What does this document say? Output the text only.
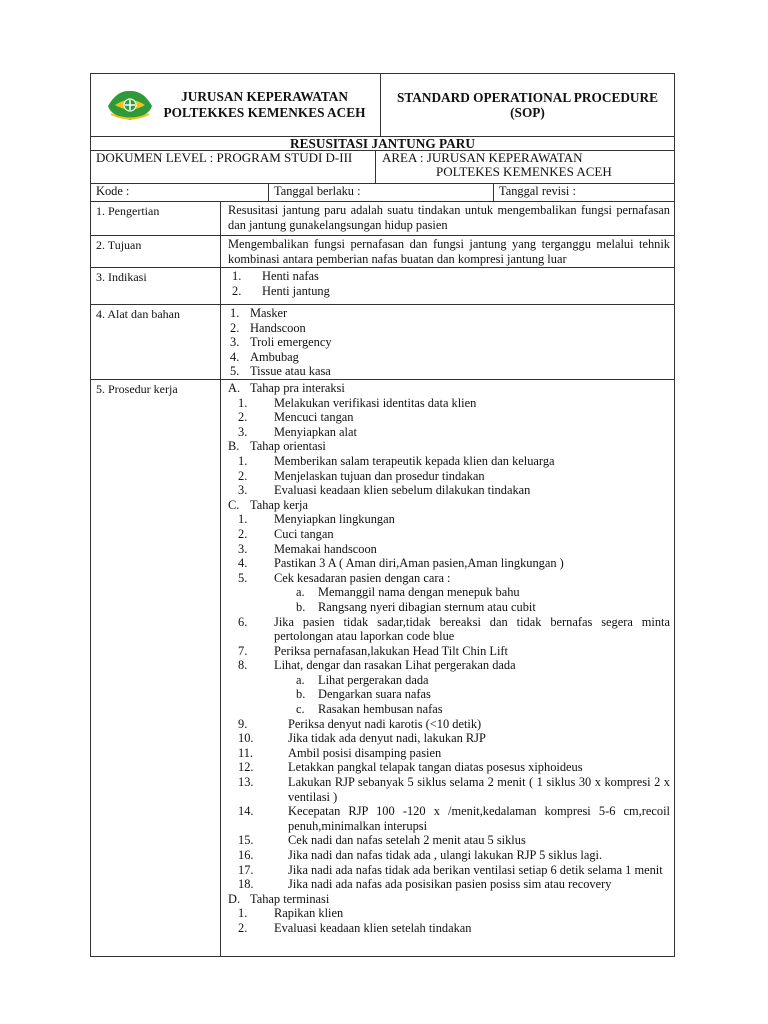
JURUSAN KEPERAWATAN
POLTEKKES KEMENKES ACEH
STANDARD OPERATIONAL PROCEDURE
(SOP)
RESUSITASI JANTUNG PARU
DOKUMEN LEVEL : PROGRAM STUDI D-III	AREA : JURUSAN KEPERAWATAN
POLTEKES KEMENKES ACEH
Kode :	Tanggal berlaku :	Tanggal revisi :
1. Pengertian	Resusitasi jantung paru adalah suatu tindakan untuk mengembalikan fungsi pernafasan dan jantung gunakelangsungan hidup pasien
2. Tujuan	Mengembalikan fungsi pernafasan dan fungsi jantung yang terganggu melalui tehnik kombinasi antara pemberian nafas buatan dan kompresi jantung luar
3. Indikasi	1.	Henti nafas
2.	Henti jantung
4. Alat dan bahan	1. Masker
2. Handscoon
3. Troli emergency
4. Ambubag
5. Tissue atau kasa
5. Prosedur kerja	A. Tahap pra interaksi
1.	Melakukan verifikasi identitas data klien
2.	Mencuci tangan
3.	Menyiapkan alat
B. Tahap orientasi
1.	Memberikan salam terapeutik kepada klien dan keluarga
2.	Menjelaskan tujuan dan prosedur tindakan
3.	Evaluasi keadaan klien sebelum dilakukan tindakan
C. Tahap kerja
1.	Menyiapkan lingkungan
2.	Cuci tangan
3.	Memakai handscoon
4.	Pastikan 3 A ( Aman diri,Aman pasien,Aman lingkungan )
5.	Cek kesadaran pasien dengan cara :
a.	Memanggil nama dengan menepuk bahu
b.	Rangsang nyeri dibagian sternum atau cubit
6.	Jika pasien tidak sadar,tidak bereaksi dan tidak bernafas segera minta pertolongan atau laporkan code blue
7.	Periksa pernafasan,lakukan Head Tilt Chin Lift
8.	Lihat, dengar dan rasakan Lihat pergerakan dada
a.	Lihat pergerakan dada
b.	Dengarkan suara nafas
c.	Rasakan hembusan nafas
9.	Periksa denyut nadi karotis (<10 detik)
10.	Jika tidak ada denyut nadi, lakukan RJP
11.	Ambil posisi disamping pasien
12.	Letakkan pangkal telapak tangan diatas posesus xiphoideus
13.	Lakukan RJP sebanyak 5 siklus selama 2 menit ( 1 siklus 30 x kompresi 2 x ventilasi )
14.	Kecepatan RJP 100 -120 x /menit,kedalaman kompresi 5-6 cm,recoil penuh,minimalkan interupsi
15.	Cek nadi dan nafas setelah 2 menit atau 5 siklus
16.	Jika nadi dan nafas tidak ada , ulangi lakukan RJP 5 siklus lagi.
17.	Jika nadi ada nafas tidak ada berikan ventilasi setiap 6 detik selama 1 menit
18.	Jika nadi ada nafas ada posisikan pasien posiss sim atau recovery
D. Tahap terminasi
1.	Rapikan klien
2.	Evaluasi keadaan klien setelah tindakan
